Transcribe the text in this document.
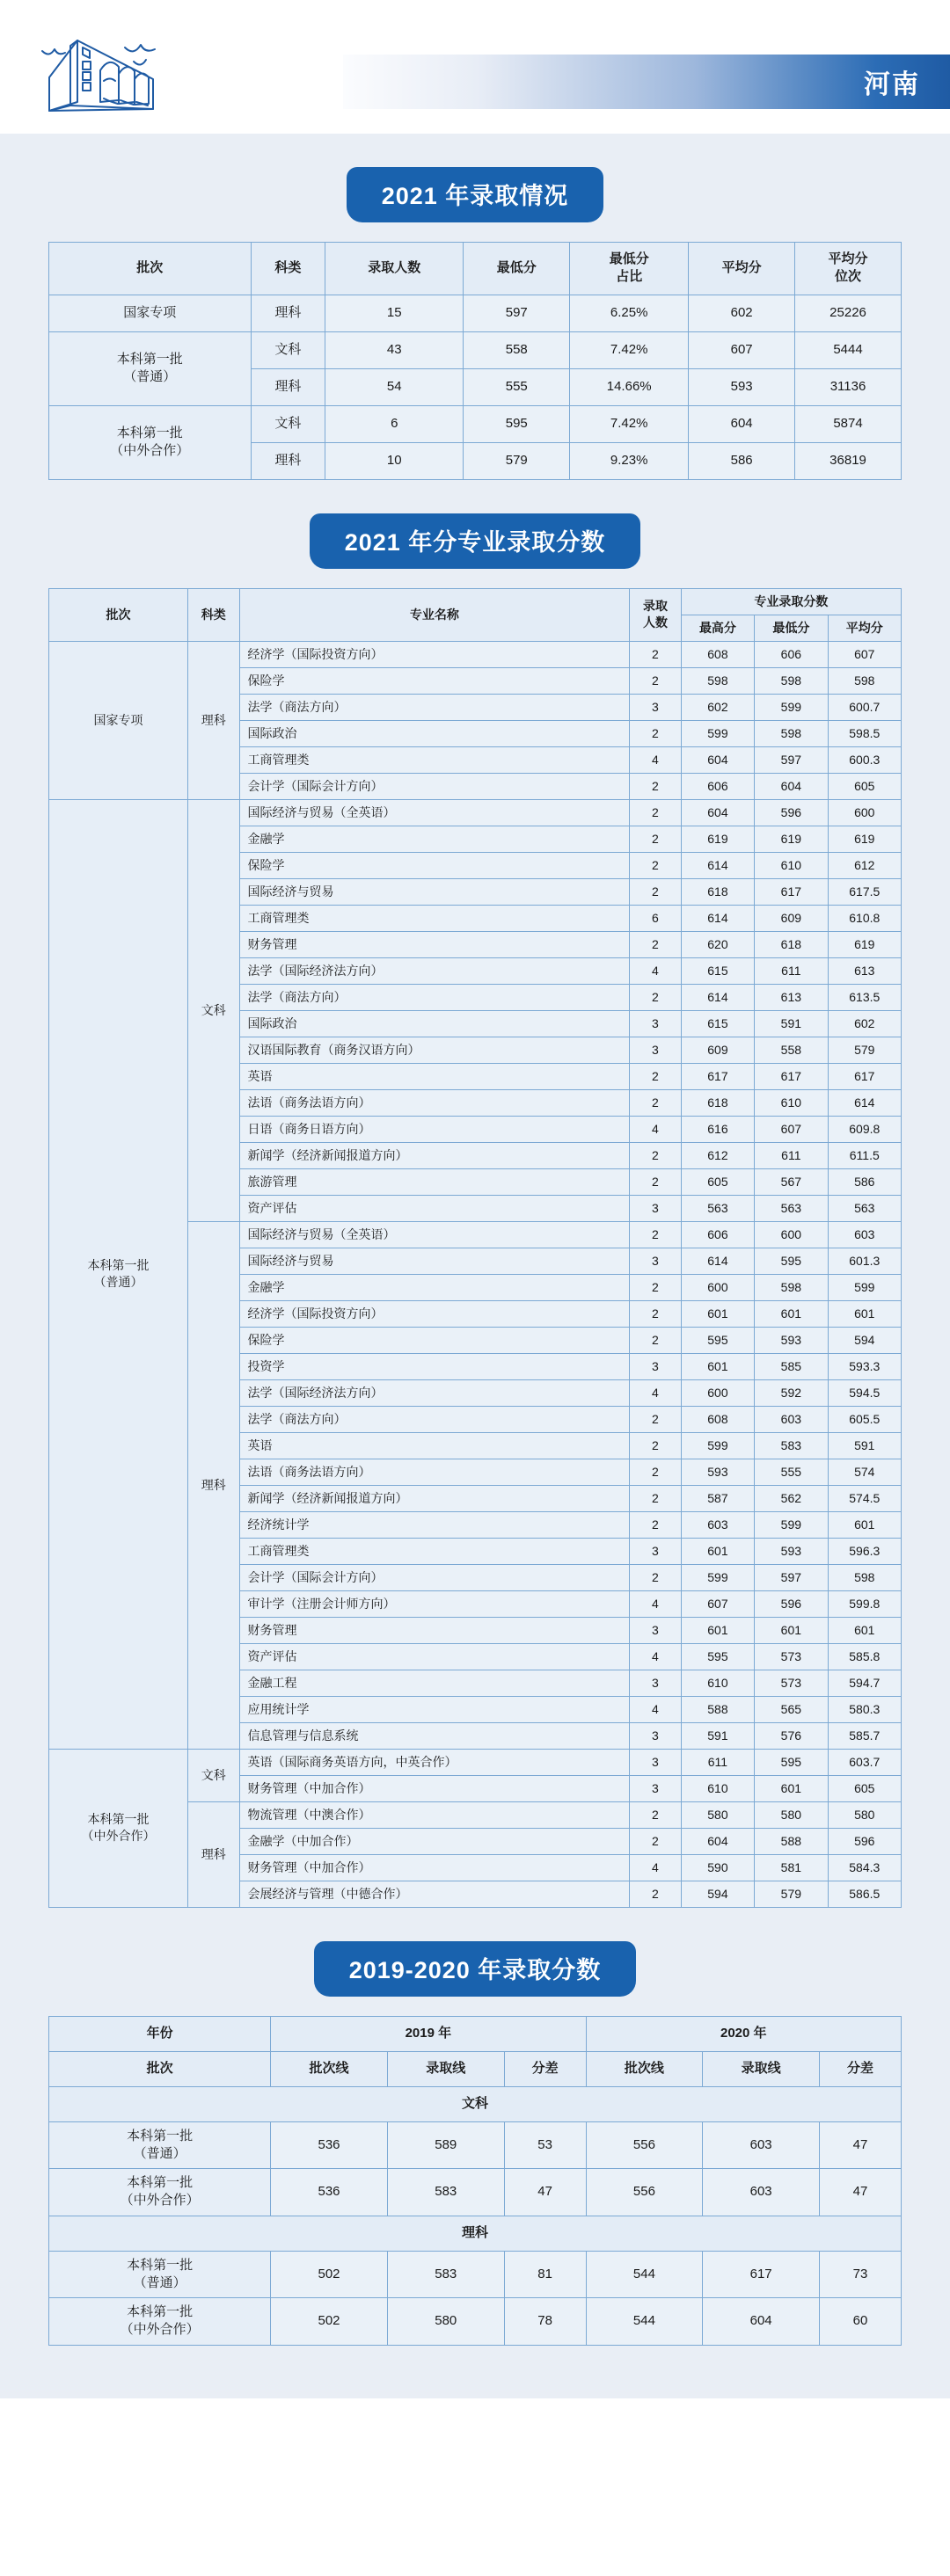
河南
2021 年录取情况
批次	科类	录取人数	最低分	最低分
占比	平均分	平均分
位次
国家专项	理科	15	597	6.25%	602	25226
本科第一批
（普通）	文科	43	558	7.42%	607	5444
	理科	54	555	14.66%	593	31136
本科第一批
（中外合作）	文科	6	595	7.42%	604	5874
	理科	10	579	9.23%	586	36819
2021 年分专业录取分数
批次	科类	专业名称	录取
人数	专业录取分数		
				最高分	最低分	平均分
国家专项	理科	经济学（国际投资方向）	2	608	606	607
		保险学	2	598	598	598
		法学（商法方向）	3	602	599	600.7
		国际政治	2	599	598	598.5
		工商管理类	4	604	597	600.3
		会计学（国际会计方向）	2	606	604	605
本科第一批
（普通）	文科	国际经济与贸易（全英语）	2	604	596	600
		金融学	2	619	619	619
		保险学	2	614	610	612
		国际经济与贸易	2	618	617	617.5
		工商管理类	6	614	609	610.8
		财务管理	2	620	618	619
		法学（国际经济法方向）	4	615	611	613
		法学（商法方向）	2	614	613	613.5
		国际政治	3	615	591	602
		汉语国际教育（商务汉语方向）	3	609	558	579
		英语	2	617	617	617
		法语（商务法语方向）	2	618	610	614
		日语（商务日语方向）	4	616	607	609.8
		新闻学（经济新闻报道方向）	2	612	611	611.5
		旅游管理	2	605	567	586
		资产评估	3	563	563	563
	理科	国际经济与贸易（全英语）	2	606	600	603
		国际经济与贸易	3	614	595	601.3
		金融学	2	600	598	599
		经济学（国际投资方向）	2	601	601	601
		保险学	2	595	593	594
		投资学	3	601	585	593.3
		法学（国际经济法方向）	4	600	592	594.5
		法学（商法方向）	2	608	603	605.5
		英语	2	599	583	591
		法语（商务法语方向）	2	593	555	574
		新闻学（经济新闻报道方向）	2	587	562	574.5
		经济统计学	2	603	599	601
		工商管理类	3	601	593	596.3
		会计学（国际会计方向）	2	599	597	598
		审计学（注册会计师方向）	4	607	596	599.8
		财务管理	3	601	601	601
		资产评估	4	595	573	585.8
		金融工程	3	610	573	594.7
		应用统计学	4	588	565	580.3
		信息管理与信息系统	3	591	576	585.7
本科第一批
（中外合作）	文科	英语（国际商务英语方向，中英合作）	3	611	595	603.7
		财务管理（中加合作）	3	610	601	605
	理科	物流管理（中澳合作）	2	580	580	580
		金融学（中加合作）	2	604	588	596
		财务管理（中加合作）	4	590	581	584.3
		会展经济与管理（中德合作）	2	594	579	586.5
2019-2020 年录取分数
年份	2019 年			2020 年		
批次	批次线	录取线	分差	批次线	录取线	分差
文科						
本科第一批
（普通）	536	589	53	556	603	47
本科第一批
（中外合作）	536	583	47	556	603	47
理科						
本科第一批
（普通）	502	583	81	544	617	73
本科第一批
（中外合作）	502	580	78	544	604	60
